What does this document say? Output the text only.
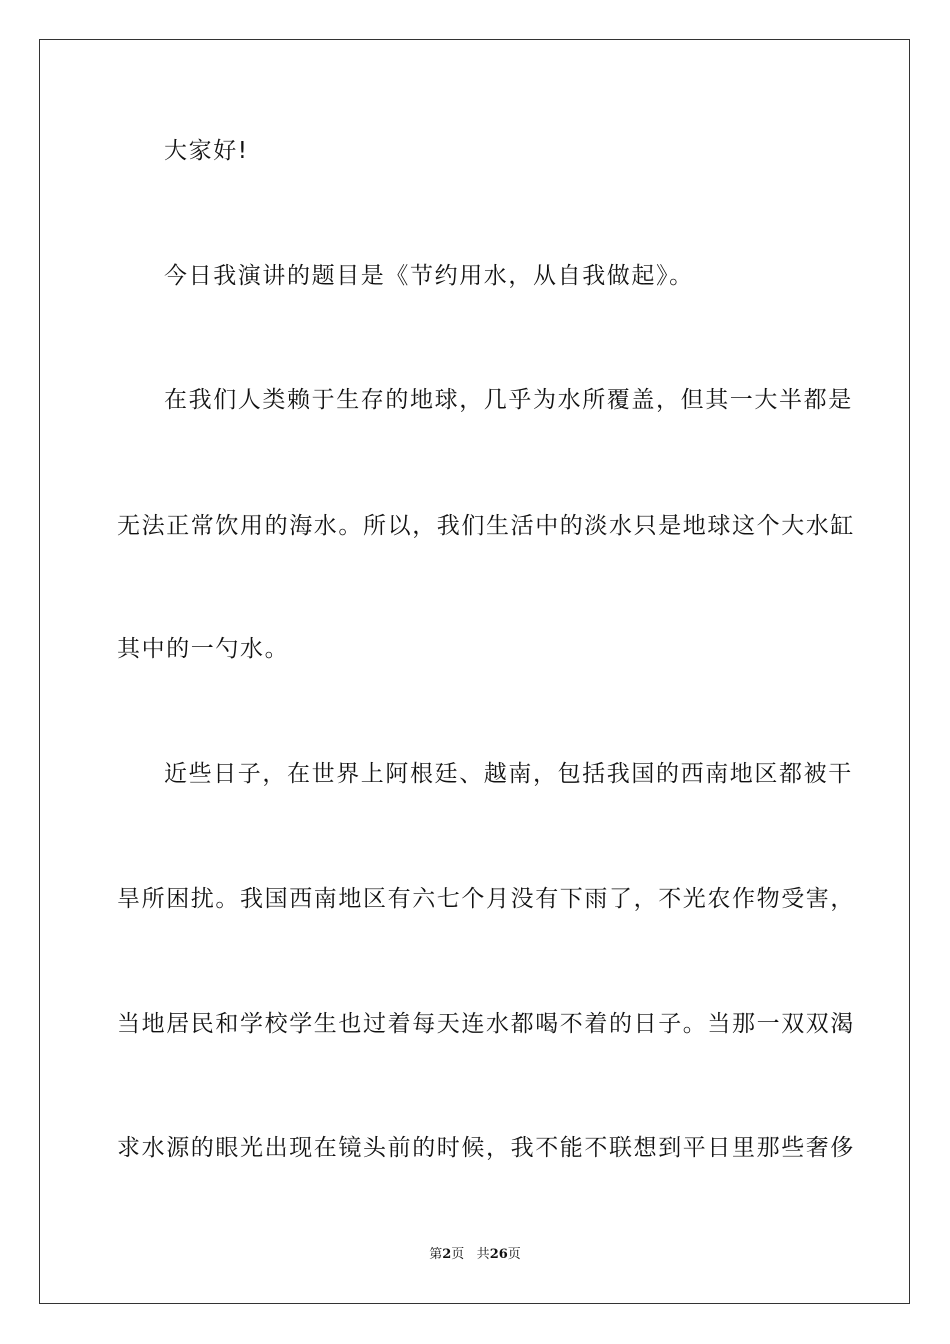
大家好!
今日我演讲的题目是《节约用水，从自我做起》。
在我们人类赖于生存的地球，几乎为水所覆盖，但其一大半都是
无法正常饮用的海水。所以，我们生活中的淡水只是地球这个大水缸
其中的一勺水。
近些日子，在世界上阿根廷、越南，包括我国的西南地区都被干
旱所困扰。我国西南地区有六七个月没有下雨了，不光农作物受害，
当地居民和学校学生也过着每天连水都喝不着的日子。当那一双双渴
求水源的眼光出现在镜头前的时候，我不能不联想到平日里那些奢侈
第2页 共26页
